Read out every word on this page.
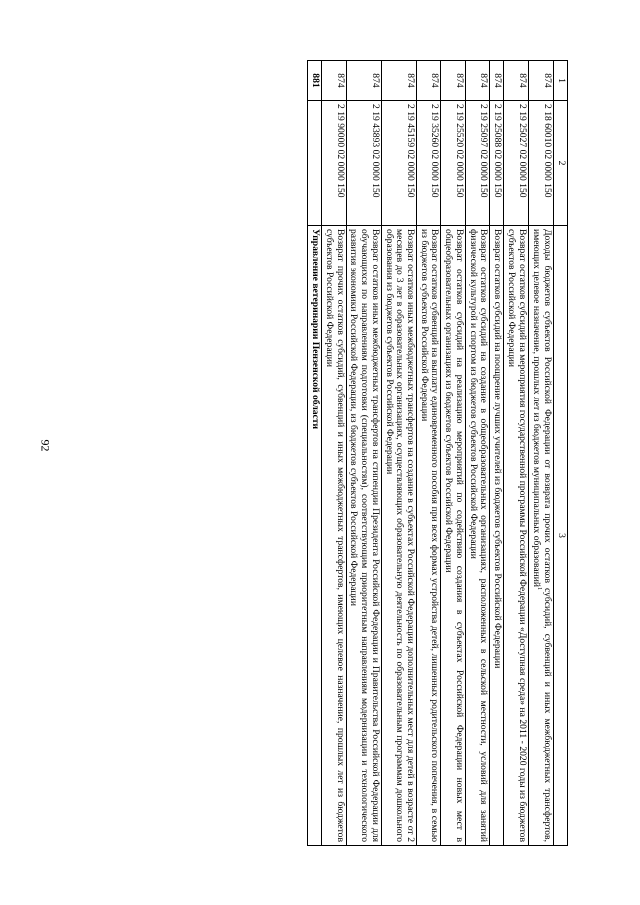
92
1	2	3
874	2 18 60010 02 0000 150	Доходы бюджетов субъектов Российской Федерации от возврата прочих остатков субсидий, субвенций и иных межбюджетных трансфертов, имеющих целевое назначение, прошлых лет из бюджетов муниципальных образований$^1$
874	2 19 25027 02 0000 150	Возврат остатков субсидий на мероприятия государственной программы Российской Федерации «Доступная среда» на 2011 - 2020 годы из бюджетов субъектов Российской Федерации
874	2 19 25088 02 0000 150	Возврат остатков субсидий на поощрение лучших учителей из бюджетов субъектов Российской Федерации
874	2 19 25097 02 0000 150	Возврат остатков субсидий на создание в общеобразовательных организациях, расположенных в сельской местности, условий для занятий физической культурой и спортом из бюджетов субъектов Российской Федерации
874	2 19 25520 02 0000 150	Возврат остатков субсидий на реализацию мероприятий по содействию создания в субъектах Российской Федерации новых мест в общеобразовательных организациях из бюджетов субъектов Российской Федерации
874	2 19 35260 02 0000 150	Возврат остатков субвенций на выплату единовременного пособия при всех формах устройства детей, лишенных родительского попечения, в семью из бюджетов субъектов Российской Федерации
874	2 19 45159 02 0000 150	Возврат остатков иных межбюджетных трансфертов на создание в субъектах Российской Федерации дополнительных мест для детей в возрасте от 2 месяцев до 3 лет в образовательных организациях, осуществляющих образовательную деятельность по образовательным программам дошкольного образования из бюджетов субъектов Российской Федерации
874	2 19 43893 02 0000 150	Возврат остатков иных межбюджетных трансфертов на стипендии Президента Российской Федерации и Правительства Российской Федерации для обучающихся по направлениям подготовки (специальностям), соответствующим приоритетным направлениям модернизации и технологического развития экономики Российской Федерации, из бюджетов субъектов Российской Федерации
874	2 19 90000 02 0000 150	Возврат прочих остатков субсидий, субвенций и иных межбюджетных трансфертов, имеющих целевое назначение, прошлых лет из бюджетов субъектов Российской Федерации
881		Управление ветеринарии Пензенской области
